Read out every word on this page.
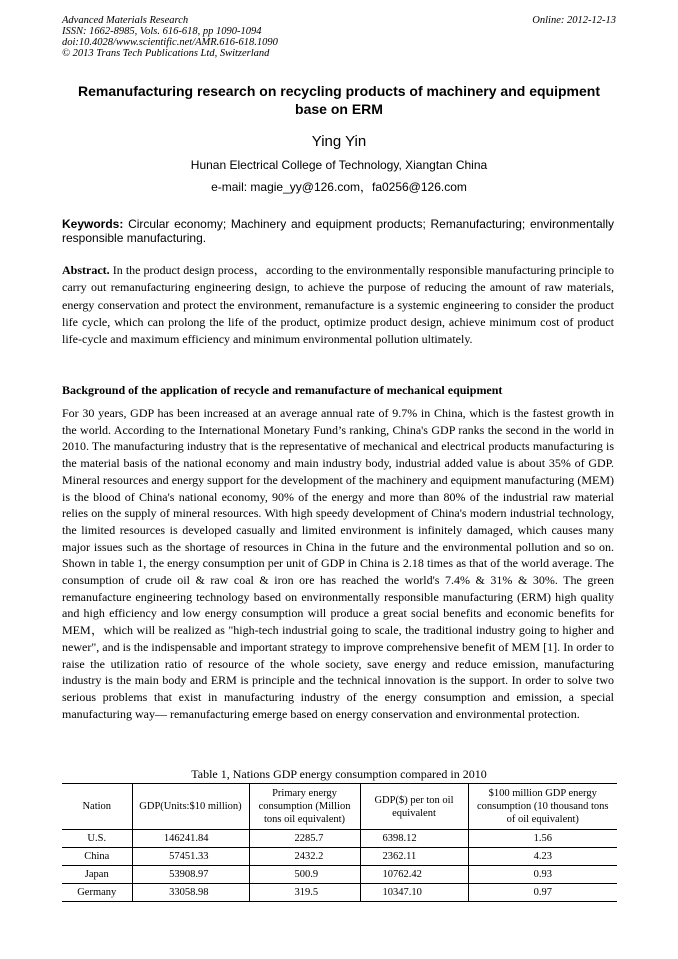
Advanced Materials Research
ISSN: 1662-8985, Vols. 616-618, pp 1090-1094
doi:10.4028/www.scientific.net/AMR.616-618.1090
© 2013 Trans Tech Publications Ltd, Switzerland
Online: 2012-12-13
Remanufacturing research on recycling products of machinery and equipment base on ERM
Ying Yin
Hunan Electrical College of Technology, Xiangtan China
e-mail: magie_yy@126.com，fa0256@126.com
Keywords: Circular economy; Machinery and equipment products; Remanufacturing; environmentally responsible manufacturing.
Abstract. In the product design process，according to the environmentally responsible manufacturing principle to carry out remanufacturing engineering design, to achieve the purpose of reducing the amount of raw materials, energy conservation and protect the environment, remanufacture is a systemic engineering to consider the product life cycle, which can prolong the life of the product, optimize product design, achieve minimum cost of product life-cycle and maximum efficiency and minimum environmental pollution ultimately.
Background of the application of recycle and remanufacture of mechanical equipment
For 30 years, GDP has been increased at an average annual rate of 9.7% in China, which is the fastest growth in the world. According to the International Monetary Fund’s ranking, China's GDP ranks the second in the world in 2010. The manufacturing industry that is the representative of mechanical and electrical products manufacturing is the material basis of the national economy and main industry body, industrial added value is about 35% of GDP. Mineral resources and energy support for the development of the machinery and equipment manufacturing (MEM) is the blood of China's national economy, 90% of the energy and more than 80% of the industrial raw material relies on the supply of mineral resources. With high speedy development of China's modern industrial technology, the limited resources is developed casually and limited environment is infinitely damaged, which causes many major issues such as the shortage of resources in China in the future and the environmental pollution and so on. Shown in table 1, the energy consumption per unit of GDP in China is 2.18 times as that of the world average. The consumption of crude oil & raw coal & iron ore has reached the world's 7.4% & 31% & 30%. The green remanufacture engineering technology based on environmentally responsible manufacturing (ERM) high quality and high efficiency and low energy consumption will produce a great social benefits and economic benefits for MEM，which will be realized as "high-tech industrial going to scale, the traditional industry going to higher and newer", and is the indispensable and important strategy to improve comprehensive benefit of MEM [1]. In order to raise the utilization ratio of resource of the whole society, save energy and reduce emission, manufacturing industry is the main body and ERM is principle and the technical innovation is the support. In order to solve two serious problems that exist in manufacturing industry of the energy consumption and emission, a special manufacturing way— remanufacturing emerge based on energy conservation and environmental protection.
Table 1, Nations GDP energy consumption compared in 2010
Nation	GDP(Units:$10 million)	Primary energy consumption (Million tons oil equivalent)	GDP($) per ton oil equivalent	$100 million GDP energy consumption (10 thousand tons of oil equivalent)
U.S.	146241.84	2285.7	6398.12	1.56
China	57451.33	2432.2	2362.11	4.23
Japan	53908.97	500.9	10762.42	0.93
Germany	33058.98	319.5	10347.10	0.97
